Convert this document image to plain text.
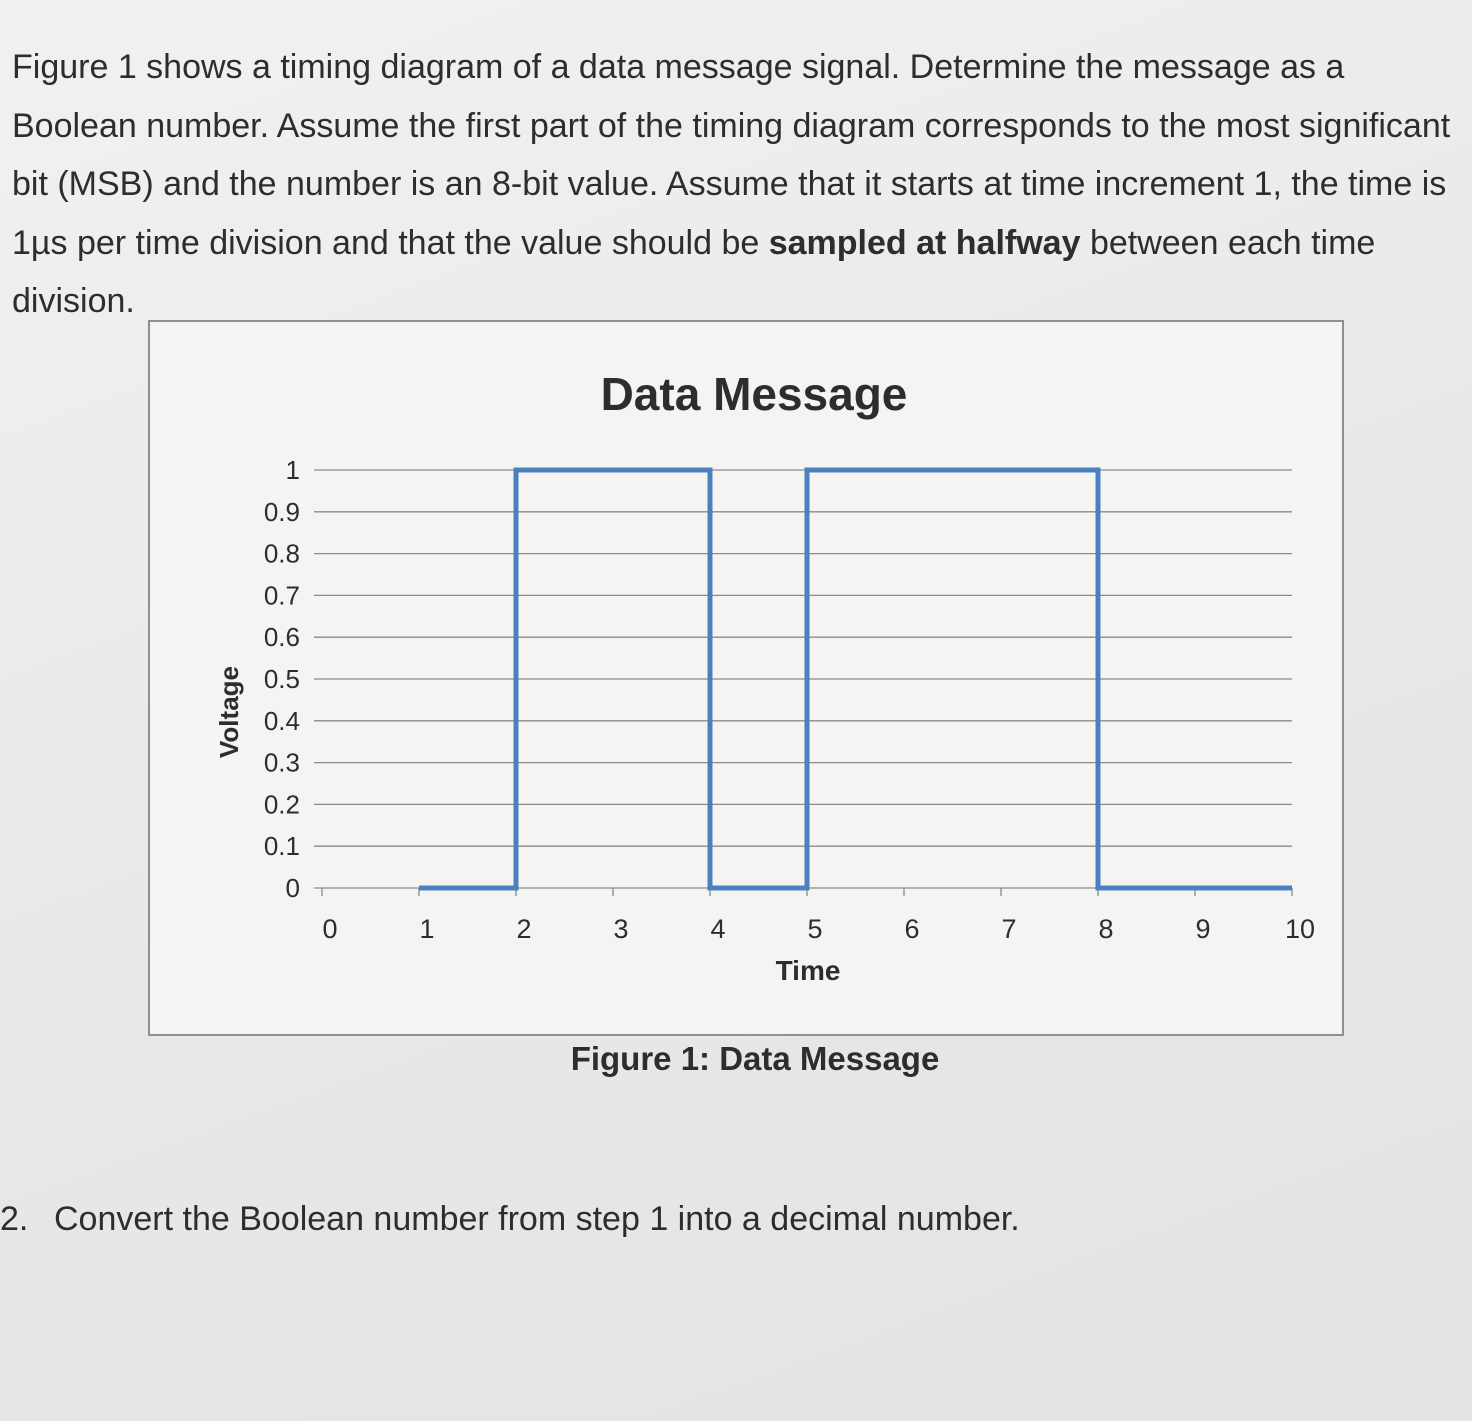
Figure 1 shows a timing diagram of a data message signal. Determine the message as a Boolean number. Assume the first part of the timing diagram corresponds to the most significant bit (MSB) and the number is an 8-bit value. Assume that it starts at time increment 1, the time is 1µs per time division and that the value should be sampled at halfway between each time division.

Data Message
0
0.1
0.2
0.3
0.4
0.5
0.6
0.7
0.8
0.9
1
0	1	2	3	4	5	6	7	8	9	10
Voltage
Time
Figure 1: Data Message
2. Convert the Boolean number from step 1 into a decimal number.
